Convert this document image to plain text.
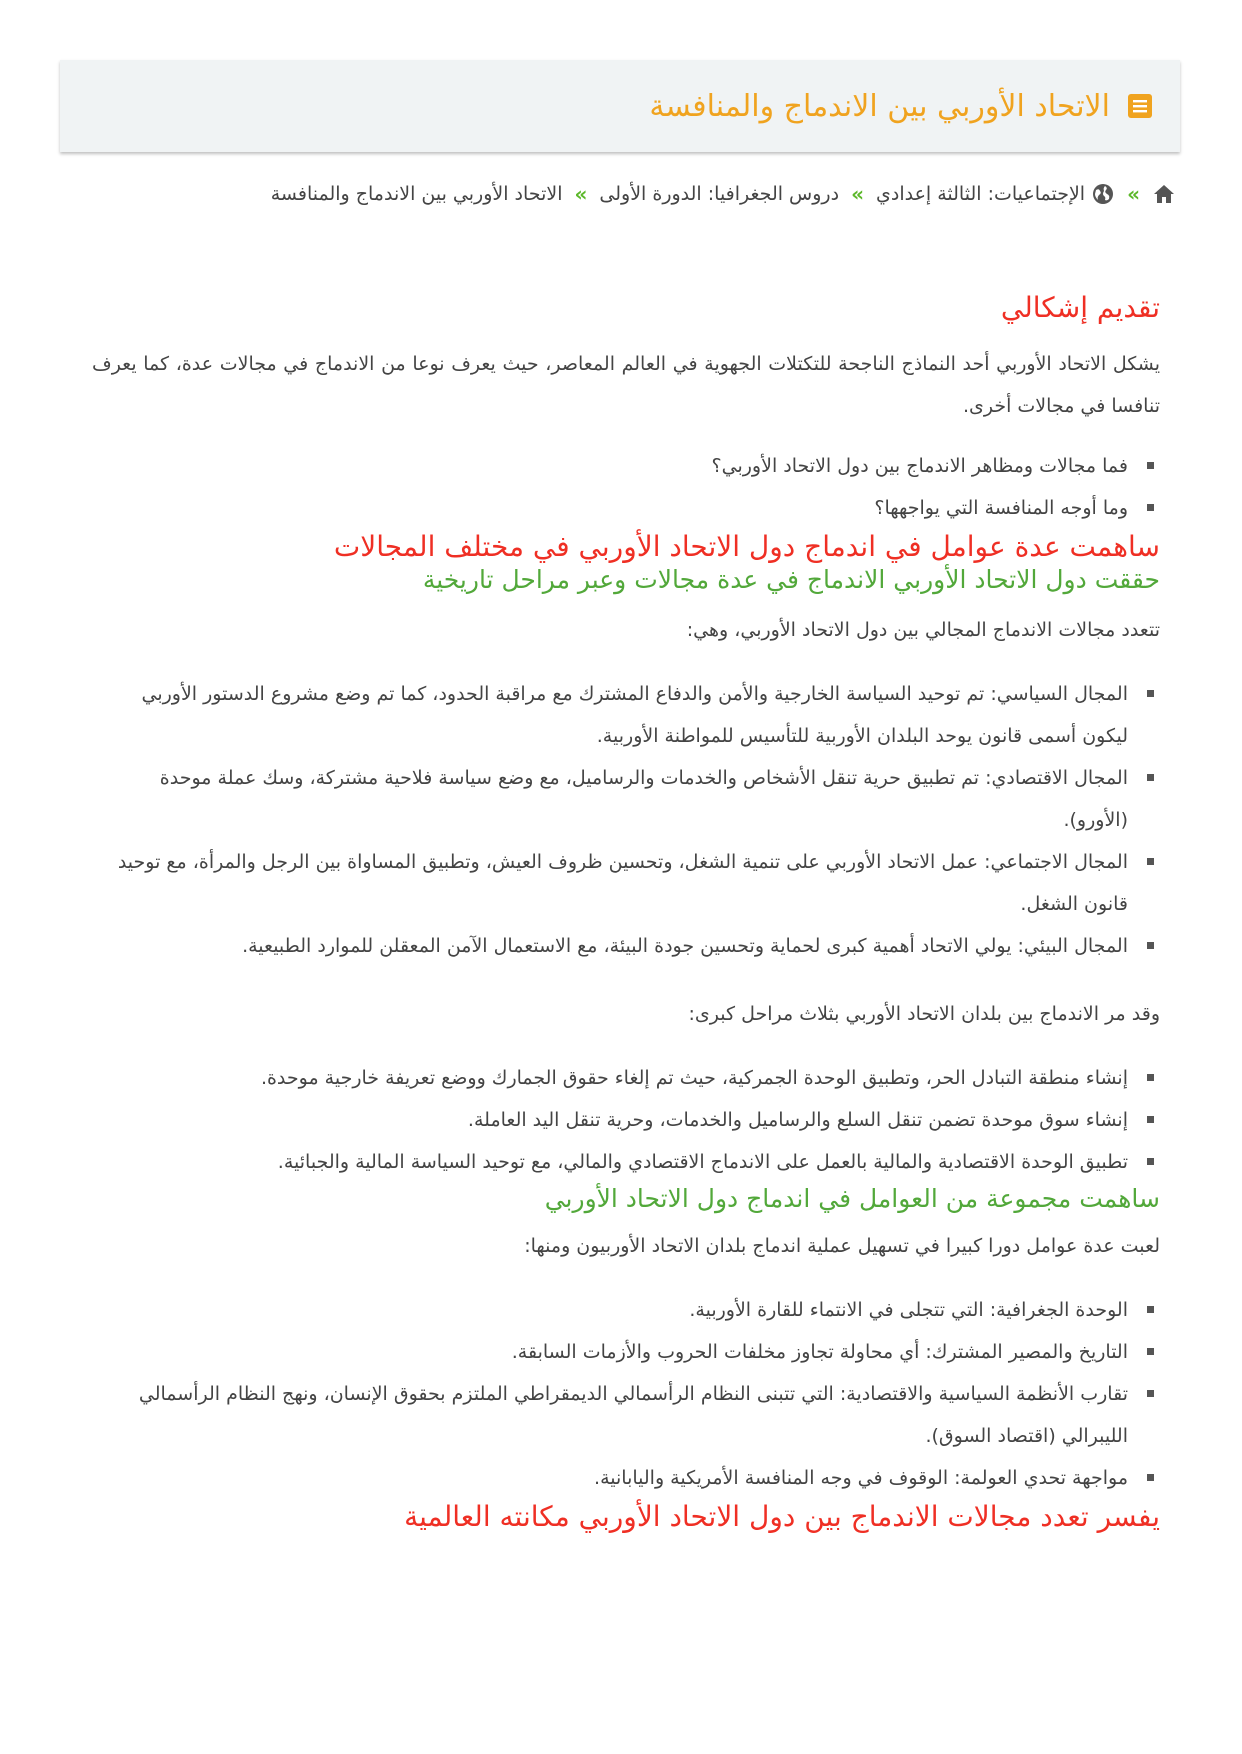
الاتحاد الأوربي بين الاندماج والمنافسة
»
الإجتماعيات: الثالثة إعدادي
»
دروس الجغرافيا: الدورة الأولى
»
الاتحاد الأوربي بين الاندماج والمنافسة
تقديم إشكالي

يشكل الاتحاد الأوربي أحد النماذج الناجحة للتكتلات الجهوية في العالم المعاصر، حيث يعرف نوعا من الاندماج في مجالات عدة، كما يعرف تنافسا في مجالات أخرى.

فما مجالات ومظاهر الاندماج بين دول الاتحاد الأوربي؟
وما أوجه المنافسة التي يواجهها؟
ساهمت عدة عوامل في اندماج دول الاتحاد الأوربي في مختلف المجالات
حققت دول الاتحاد الأوربي الاندماج في عدة مجالات وعبر مراحل تاريخية

تتعدد مجالات الاندماج المجالي بين دول الاتحاد الأوربي، وهي:

المجال السياسي: تم توحيد السياسة الخارجية والأمن والدفاع المشترك مع مراقبة الحدود، كما تم وضع مشروع الدستور الأوربي ليكون أسمى قانون يوحد البلدان الأوربية للتأسيس للمواطنة الأوربية.
المجال الاقتصادي: تم تطبيق حرية تنقل الأشخاص والخدمات والرساميل، مع وضع سياسة فلاحية مشتركة، وسك عملة موحدة (الأورو).
المجال الاجتماعي: عمل الاتحاد الأوربي على تنمية الشغل، وتحسين ظروف العيش، وتطبيق المساواة بين الرجل والمرأة، مع توحيد قانون الشغل.
المجال البيئي: يولي الاتحاد أهمية كبرى لحماية وتحسين جودة البيئة، مع الاستعمال الآمن المعقلن للموارد الطبيعية.

وقد مر الاندماج بين بلدان الاتحاد الأوربي بثلاث مراحل كبرى:

إنشاء منطقة التبادل الحر، وتطبيق الوحدة الجمركية، حيث تم إلغاء حقوق الجمارك ووضع تعريفة خارجية موحدة.
إنشاء سوق موحدة تضمن تنقل السلع والرساميل والخدمات، وحرية تنقل اليد العاملة.
تطبيق الوحدة الاقتصادية والمالية بالعمل على الاندماج الاقتصادي والمالي، مع توحيد السياسة المالية والجبائية.
ساهمت مجموعة من العوامل في اندماج دول الاتحاد الأوربي

لعبت عدة عوامل دورا كبيرا في تسهيل عملية اندماج بلدان الاتحاد الأوربيون ومنها:

الوحدة الجغرافية: التي تتجلى في الانتماء للقارة الأوربية.
التاريخ والمصير المشترك: أي محاولة تجاوز مخلفات الحروب والأزمات السابقة.
تقارب الأنظمة السياسية والاقتصادية: التي تتبنى النظام الرأسمالي الديمقراطي الملتزم بحقوق الإنسان، ونهج النظام الرأسمالي الليبرالي (اقتصاد السوق).
مواجهة تحدي العولمة: الوقوف في وجه المنافسة الأمريكية واليابانية.
يفسر تعدد مجالات الاندماج بين دول الاتحاد الأوربي مكانته العالمية
